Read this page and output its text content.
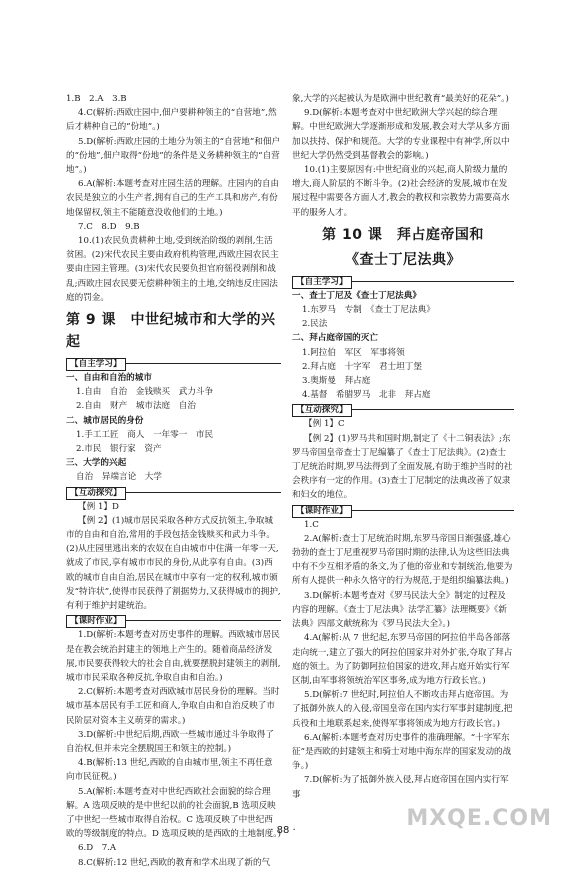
1.B　2.A　3.B

4.C(解析:西欧庄园中,佃户要耕种领主的“自营地”,然后才耕种自己的“份地”。)

5.D(解析:西欧庄园的土地分为领主的“自营地”和佃户的“份地”,佃户取得“份地”的条件是义务耕种领主的“自营地”。)

6.A(解析:本题考查对庄园生活的理解。庄园内的自由农民是独立的小生产者,拥有自己的生产工具和房产,有份地保留权,领主不能随意没收他们的土地。)

7.C　8.D　9.B

10.(1)农民负责耕种土地,受到统治阶级的剥削,生活贫困。(2)宋代农民主要由政府机构管理,西欧庄园农民主要由庄园主管理。(3)宋代农民要负担官府徭役剥削和战乱;西欧庄园农民要无偿耕种领主的土地,交纳违反庄园法庭的罚金。

第 9 课　中世纪城市和大学的兴起
【自主学习】

一、自由和自治的城市

1.自由　自治　金钱赎买　武力斗争

2.自由　财产　城市法庭　自治

二、城市居民的身份

1.手工工匠　商人　一年零一　市民

2.市民　银行家　资产

三、大学的兴起

自治　异端言论　大学

【互动探究】

【例 1】D

【例 2】(1)城市居民采取各种方式反抗领主,争取城市的自由和自治,常用的手段包括金钱赎买和武力斗争。(2)从庄园里逃出来的农奴在自由城市中住满一年零一天,就成了市民,享有城市市民的身份,从此享有自由。(3)西欧的城市自由自治,居民在城市中享有一定的权利,城市颁发“特许状”,使得市民获得了割据势力,又获得城市的拥护,有利于维护封建统治。

【课时作业】

1.D(解析:本题考查对历史事件的理解。西欧城市居民是在教会统治封建主的领地上产生的。随着商品经济发展,市民要获得较大的社会自由,就要摆脱封建领主的剥削,城市市民采取各种反抗,争取自由和自治。)

2.C(解析:本题考查对西欧城市居民身份的理解。当时城市基本居民有手工匠和商人,争取自由和自治反映了市民阶层对资本主义萌芽的需求。)

3.D(解析:中世纪后期,西欧一些城市通过斗争取得了自治权,但并未完全摆脱国王和领主的控制。)

4.B(解析:13 世纪,西欧的自由城市里,领主不再任意向市民征税。)

5.A(解析:本题考查对中世纪西欧社会面貌的综合理解。A 选项反映的是中世纪以前的社会面貌,B 选项反映了中世纪一些城市取得自治权。C 选项反映了中世纪西欧的等级制度的特点。D 选项反映的是西欧的土地制度。)

6.D　7.A

8.C(解析:12 世纪,西欧的教育和学术出现了新的气

象,大学的兴起被认为是欧洲中世纪教育“最美好的花朵”。)

9.D(解析:本题考查对中世纪欧洲大学兴起的综合理解。中世纪欧洲大学逐渐形成和发展,教会对大学从多方面加以扶持、保护和规范。大学的专业课程中有神学,所以中世纪大学仍然受到基督教会的影响。)

10.(1)主要原因有:中世纪商业的兴起,商人阶级力量的增大,商人阶层的不断斗争。(2)社会经济的发展,城市在发展过程中需要各方面人才,教会的教权和宗教势力需要高水平的服务人才。

第 10 课　拜占庭帝国和
《查士丁尼法典》
【自主学习】

一、查士丁尼及《查士丁尼法典》

1.东罗马　专制　《查士丁尼法典》

2.民法

二、拜占庭帝国的灭亡

1.阿拉伯　军区　军事将领

2.拜占庭　十字军　君士坦丁堡

3.奥斯曼　拜占庭

4.基督　希腊罗马　北非　拜占庭

【互动探究】

【例 1】C

【例 2】(1)罗马共和国时期,制定了《十二铜表法》;东罗马帝国皇帝查士丁尼编纂了《查士丁尼法典》。(2)查士丁尼统治时期,罗马法得到了全面发展,有助于维护当时的社会秩序有一定的作用。(3)查士丁尼制定的法典改善了奴隶和妇女的地位。

【课时作业】

1.C

2.A(解析:查士丁尼统治时期,东罗马帝国日渐强盛,雄心勃勃的查士丁尼重视罗马帝国时期的法律,认为这些旧法典中有不少互相矛盾的条文,为了他的帝业和专制统治,他要为所有人提供一种永久恪守的行为规范,于是组织编纂法典。)

3.D(解析:本题考查对《罗马民法大全》制定的过程及内容的理解。《查士丁尼法典》法学汇纂》法理概要》《新法典》四部文献统称为《罗马民法大全》。)

4.A(解析:从 7 世纪起,东罗马帝国的阿拉伯半岛各部落走向统一,建立了强大的阿拉伯国家并对外扩张,夺取了拜占庭的领土。为了防御阿拉伯国家的进攻,拜占庭开始实行军区制,由军事将领统治军区事务,成为地方行政长官。)

5.D(解析:7 世纪时,阿拉伯人不断攻击拜占庭帝国。为了抵御外族人的入侵,帝国皇帝在国内实行军事封建制度,把兵役和土地联系起来,使得军事将领成为地方行政长官。)

6.A(解析:本题考查对历史事件的准确理解。“十字军东征”是西欧的封建领主和骑士对地中海东岸的国家发动的战争。)

7.D(解析:为了抵御外族入侵,拜占庭帝国在国内实行军事

· 88 ·	MXQE.COM
